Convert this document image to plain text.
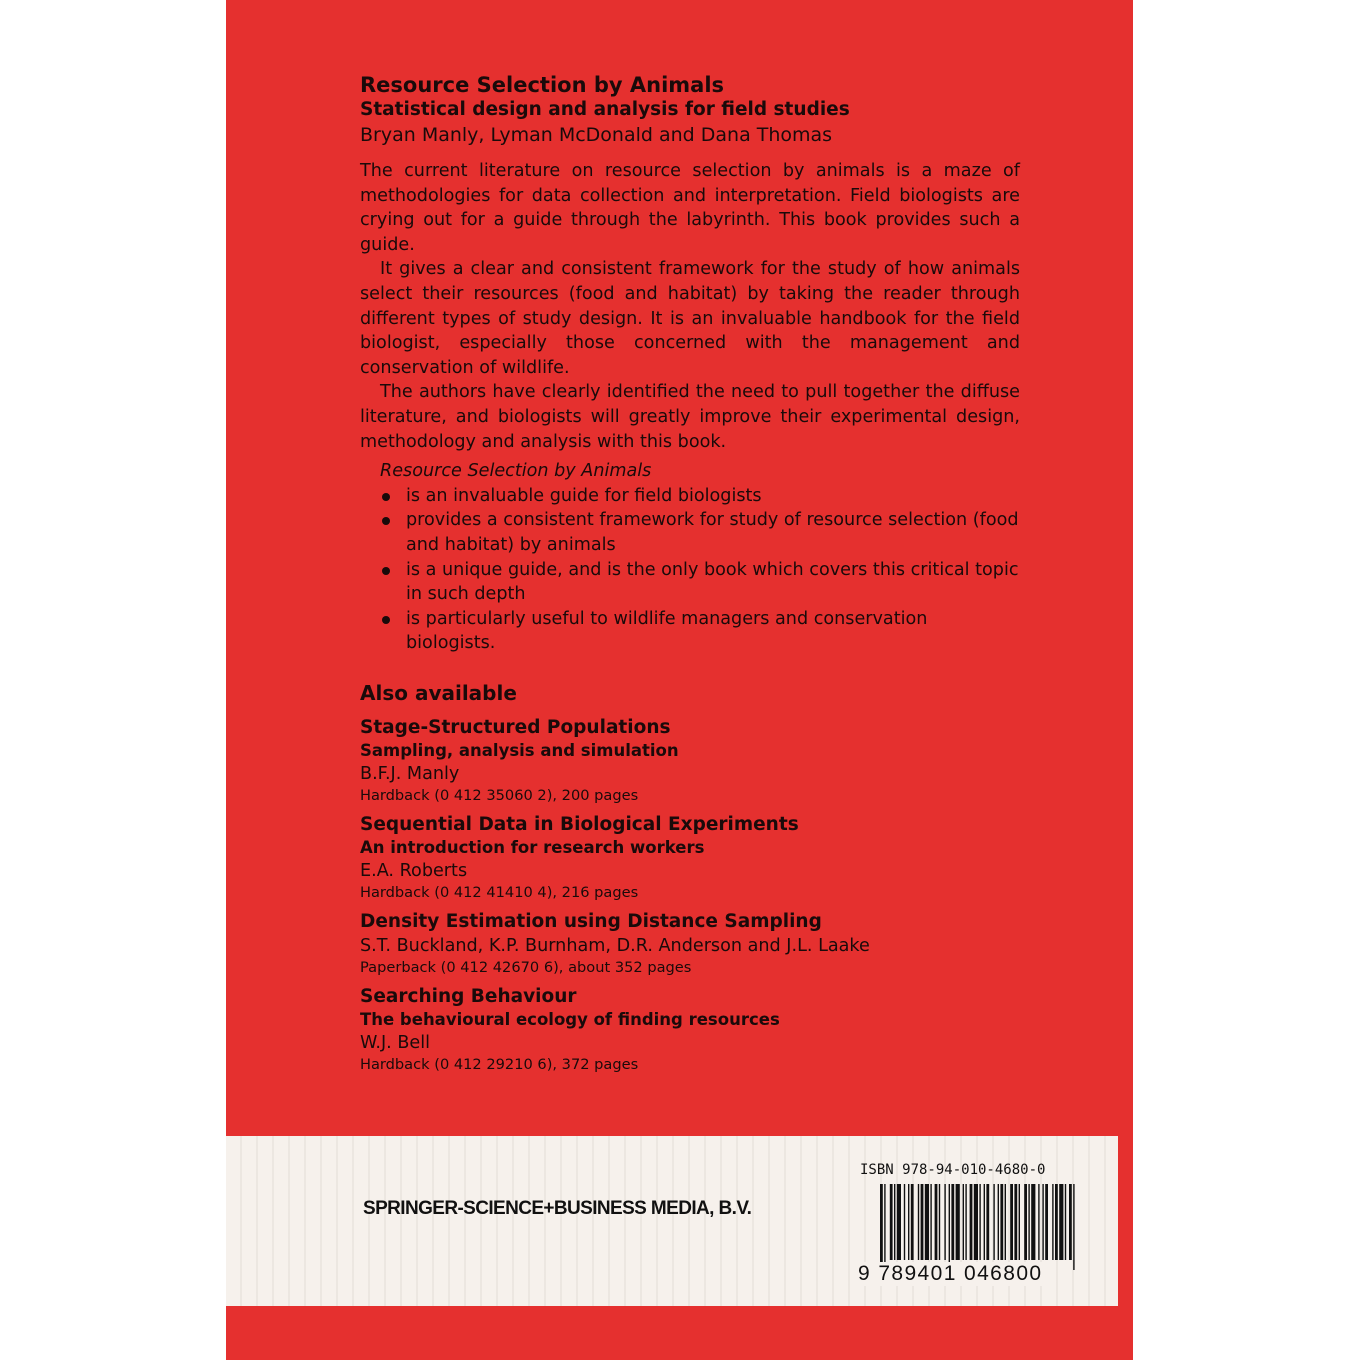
Resource Selection by Animals
Statistical design and analysis for field studies

Bryan Manly, Lyman McDonald and Dana Thomas

The current literature on resource selection by animals is a maze of methodologies for data collection and interpretation. Field biologists are crying out for a guide through the labyrinth. This book provides such a guide.

It gives a clear and consistent framework for the study of how animals select their resources (food and habitat) by taking the reader through different types of study design. It is an invaluable handbook for the field biologist, especially those concerned with the management and conservation of wildlife.

The authors have clearly identified the need to pull together the diffuse literature, and biologists will greatly improve their experimental design, methodology and analysis with this book.

Resource Selection by Animals

is an invaluable guide for field biologists
provides a consistent framework for study of resource selection (food and habitat) by animals
is a unique guide, and is the only book which covers this critical topic in such depth
is particularly useful to wildlife managers and conservation biologists.
Also available
Stage-Structured Populations
Sampling, analysis and simulation
B.F.J. Manly
Hardback (0 412 35060 2), 200 pages
Sequential Data in Biological Experiments
An introduction for research workers
E.A. Roberts
Hardback (0 412 41410 4), 216 pages
Density Estimation using Distance Sampling
S.T. Buckland, K.P. Burnham, D.R. Anderson and J.L. Laake
Paperback (0 412 42670 6), about 352 pages
Searching Behaviour
The behavioural ecology of finding resources
W.J. Bell
Hardback (0 412 29210 6), 372 pages
SPRINGER-SCIENCE+BUSINESS MEDIA, B.V.
ISBN 978-94-010-4680-0
9 789401 046800
